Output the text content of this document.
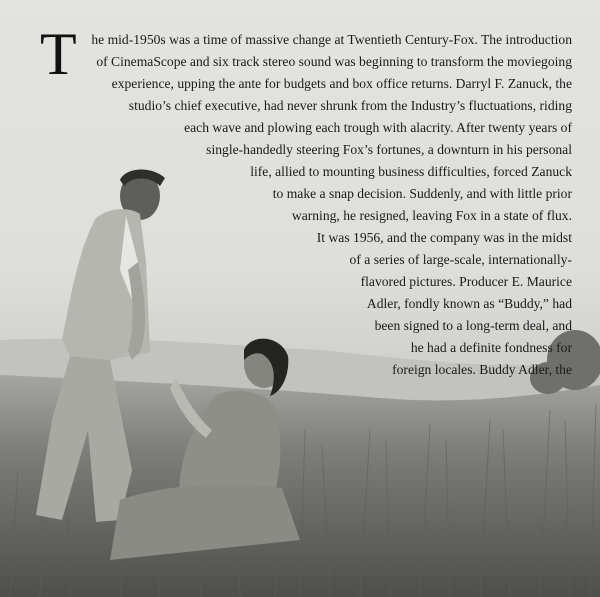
T he mid-1950s was a time of massive change at Twentieth Century-Fox. The introduction
of CinemaScope and six track stereo sound was beginning to transform the moviegoing
experience, upping the ante for budgets and box office returns. Darryl F. Zanuck, the
studio’s chief executive, had never shrunk from the Industry’s fluctuations, riding
each wave and plowing each trough with alacrity. After twenty years of
single-handedly steering Fox’s fortunes, a downturn in his personal
life, allied to mounting business difficulties, forced Zanuck
to make a snap decision. Suddenly, and with little prior
warning, he resigned, leaving Fox in a state of flux.
It was 1956, and the company was in the midst
of a series of large-scale, internationally-
flavored pictures. Producer E. Maurice
Adler, fondly known as “Buddy,” had
been signed to a long-term deal, and
he had a definite fondness for
foreign locales. Buddy Adler, the
